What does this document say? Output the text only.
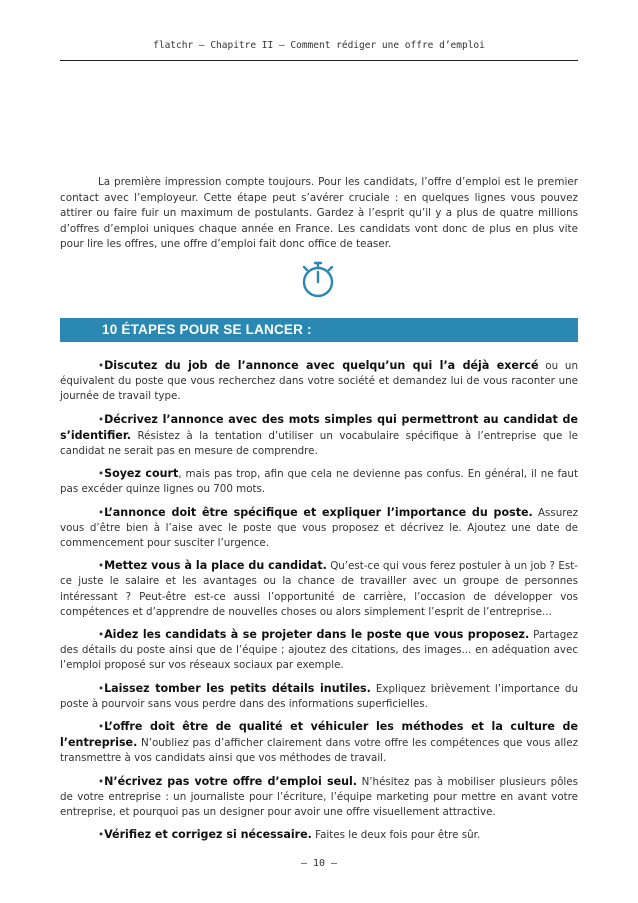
flatchr – Chapitre II – Comment rédiger une offre d’emploi

La première impression compte toujours. Pour les candidats, l’offre d’emploi est le premier contact avec l’employeur. Cette étape peut s’avérer cruciale : en quelques lignes vous pouvez attirer ou faire fuir un maximum de postulants. Gardez à l’esprit qu’il y a plus de quatre millions d’offres d’emploi uniques chaque année en France. Les candidats vont donc de plus en plus vite pour lire les offres, une offre d’emploi fait donc office de teaser.

10 ÉTAPES POUR SE LANCER :

•Discutez du job de l’annonce avec quelqu’un qui l’a déjà exercé ou un équivalent du poste que vous recherchez dans votre société et demandez lui de vous raconter une journée de travail type.

•Décrivez l’annonce avec des mots simples qui permettront au candidat de s’identifier. Résistez à la tentation d’utiliser un vocabulaire spécifique à l’entreprise que le candidat ne serait pas en mesure de comprendre.

•Soyez court, mais pas trop, afin que cela ne devienne pas confus. En général, il ne faut pas excéder quinze lignes ou 700 mots.

•L’annonce doit être spécifique et expliquer l’importance du poste. Assurez vous d’être bien à l’aise avec le poste que vous proposez et décrivez le. Ajoutez une date de commencement pour susciter l’urgence.

•Mettez vous à la place du candidat. Qu’est-ce qui vous ferez postuler à un job ? Est-ce juste le salaire et les avantages ou la chance de travailler avec un groupe de personnes intéressant ? Peut-être est-ce aussi l’opportunité de carrière, l’occasion de développer vos compétences et d’apprendre de nouvelles choses ou alors simplement l’esprit de l’entreprise...

•Aidez les candidats à se projeter dans le poste que vous proposez. Partagez des détails du poste ainsi que de l’équipe ; ajoutez des citations, des images... en adéquation avec l’emploi proposé sur vos réseaux sociaux par exemple.

•Laissez tomber les petits détails inutiles. Expliquez brièvement l’importance du poste à pourvoir sans vous perdre dans des informations superficielles.

•L’offre doit être de qualité et véhiculer les méthodes et la culture de l’entreprise. N’oubliez pas d’afficher clairement dans votre offre les compétences que vous allez transmettre à vos candidats ainsi que vos méthodes de travail.

•N’écrivez pas votre offre d’emploi seul. N’hésitez pas à mobiliser plusieurs pôles de votre entreprise : un journaliste pour l’écriture, l’équipe marketing pour mettre en avant votre entreprise, et pourquoi pas un designer pour avoir une offre visuellement attractive.

•Vérifiez et corrigez si nécessaire. Faites le deux fois pour être sûr.

– 10 –
